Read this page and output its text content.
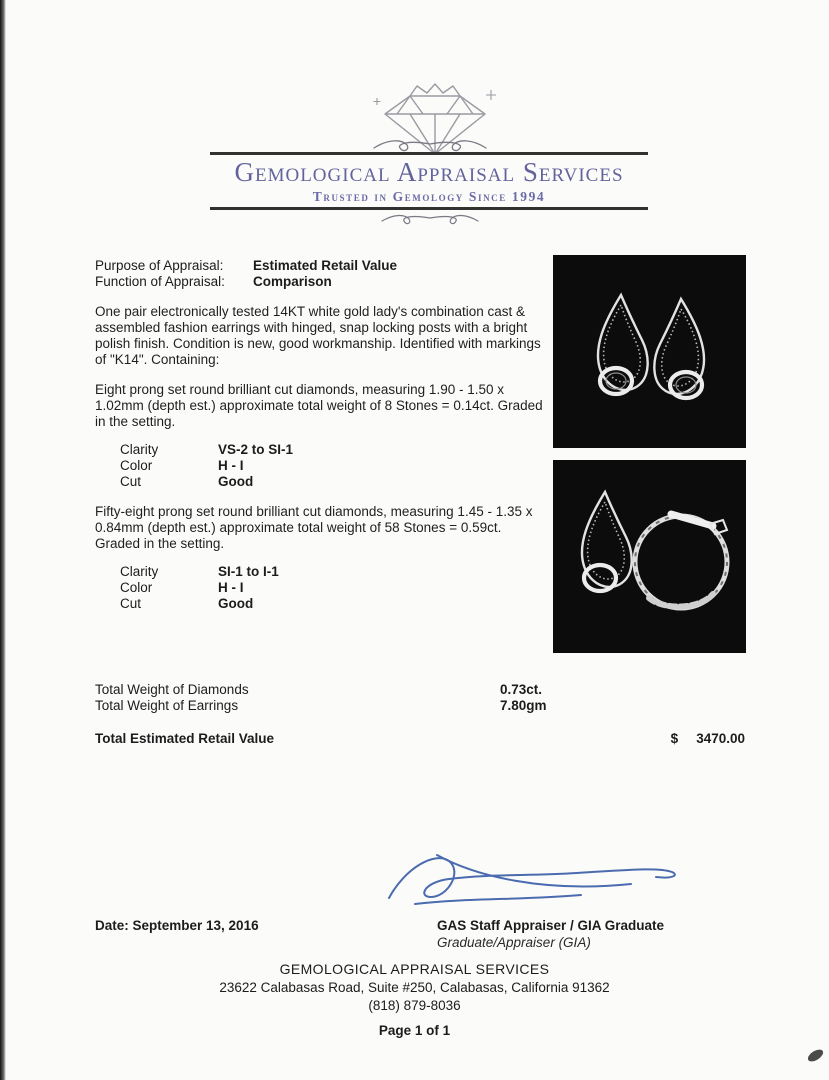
Gemological Appraisal Services
Trusted in Gemology Since 1994
Purpose of Appraisal:	Estimated Retail Value
Function of Appraisal:	Comparison

One pair electronically tested 14KT white gold lady's combination cast & assembled fashion earrings with hinged, snap locking posts with a bright polish finish. Condition is new, good workmanship. Identified with markings of "K14". Containing:

Eight prong set round brilliant cut diamonds, measuring 1.90 - 1.50 x 1.02mm (depth est.) approximate total weight of 8 Stones = 0.14ct. Graded in the setting.

Clarity	VS-2 to SI-1
Color	H - I
Cut	Good

Fifty-eight prong set round brilliant cut diamonds, measuring 1.45 - 1.35 x 0.84mm (depth est.) approximate total weight of 58 Stones = 0.59ct. Graded in the setting.

Clarity	SI-1 to I-1
Color	H - I
Cut	Good
Total Weight of Diamonds	0.73ct.
Total Weight of Earrings	7.80gm
Total Estimated Retail Value	$ 3470.00
Date: September 13, 2016	GAS Staff Appraiser / GIA Graduate
Graduate/Appraiser (GIA)
GEMOLOGICAL APPRAISAL SERVICES
23622 Calabasas Road, Suite #250, Calabasas, California 91362
(818) 879-8036
Page 1 of 1
